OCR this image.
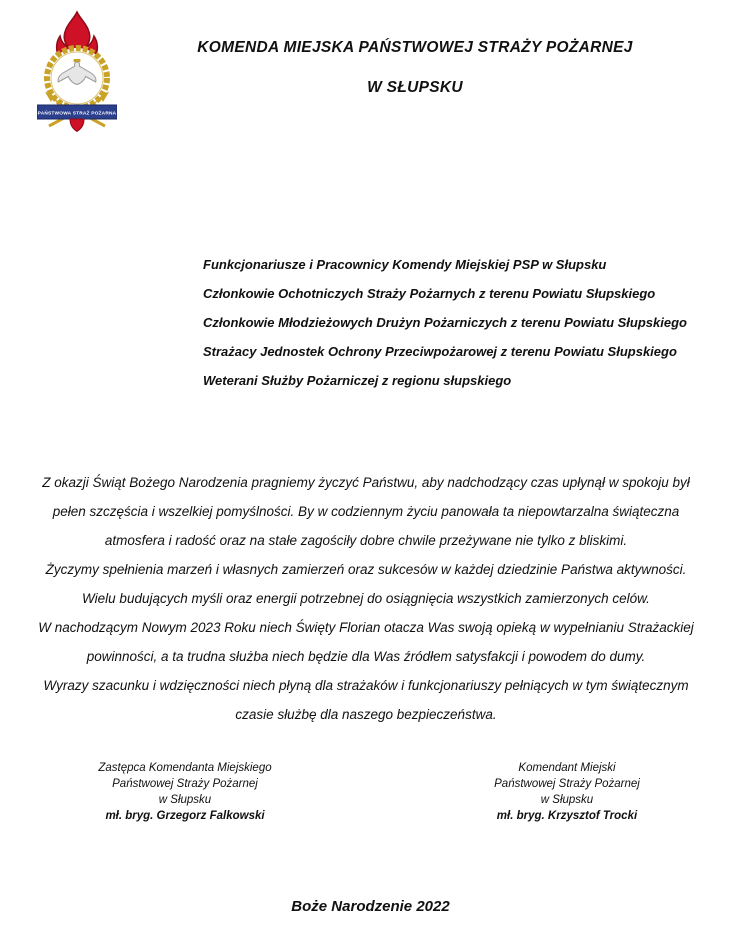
PAŃSTWOWA STRAŻ POŻARNA
KOMENDA MIEJSKA PAŃSTWOWEJ STRAŻY POŻARNEJ
W SŁUPSKU
Funkcjonariusze i Pracownicy Komendy Miejskiej PSP w Słupsku
Członkowie Ochotniczych Straży Pożarnych z terenu Powiatu Słupskiego
Członkowie Młodzieżowych Drużyn Pożarniczych z terenu Powiatu Słupskiego
Strażacy Jednostek Ochrony Przeciwpożarowej z terenu Powiatu Słupskiego
Weterani Służby Pożarniczej z regionu słupskiego
Z okazji Świąt Bożego Narodzenia pragniemy życzyć Państwu, aby nadchodzący czas upłynął w spokoju był
pełen szczęścia i wszelkiej pomyślności. By w codziennym życiu panowała ta niepowtarzalna świąteczna
atmosfera i radość oraz na stałe zagościły dobre chwile przeżywane nie tylko z bliskimi.
Życzymy spełnienia marzeń i własnych zamierzeń oraz sukcesów w każdej dziedzinie Państwa aktywności.
Wielu budujących myśli oraz energii potrzebnej do osiągnięcia wszystkich zamierzonych celów.
W nachodzącym Nowym 2023 Roku niech Święty Florian otacza Was swoją opieką w wypełnianiu Strażackiej
powinności, a ta trudna służba niech będzie dla Was źródłem satysfakcji i powodem do dumy.
Wyrazy szacunku i wdzięczności niech płyną dla strażaków i funkcjonariuszy pełniących w tym świątecznym
czasie służbę dla naszego bezpieczeństwa.
Zastępca Komendanta Miejskiego
Państwowej Straży Pożarnej
w Słupsku
mł. bryg. Grzegorz Falkowski
Komendant Miejski
Państwowej Straży Pożarnej
w Słupsku
mł. bryg. Krzysztof Trocki
Boże Narodzenie 2022
